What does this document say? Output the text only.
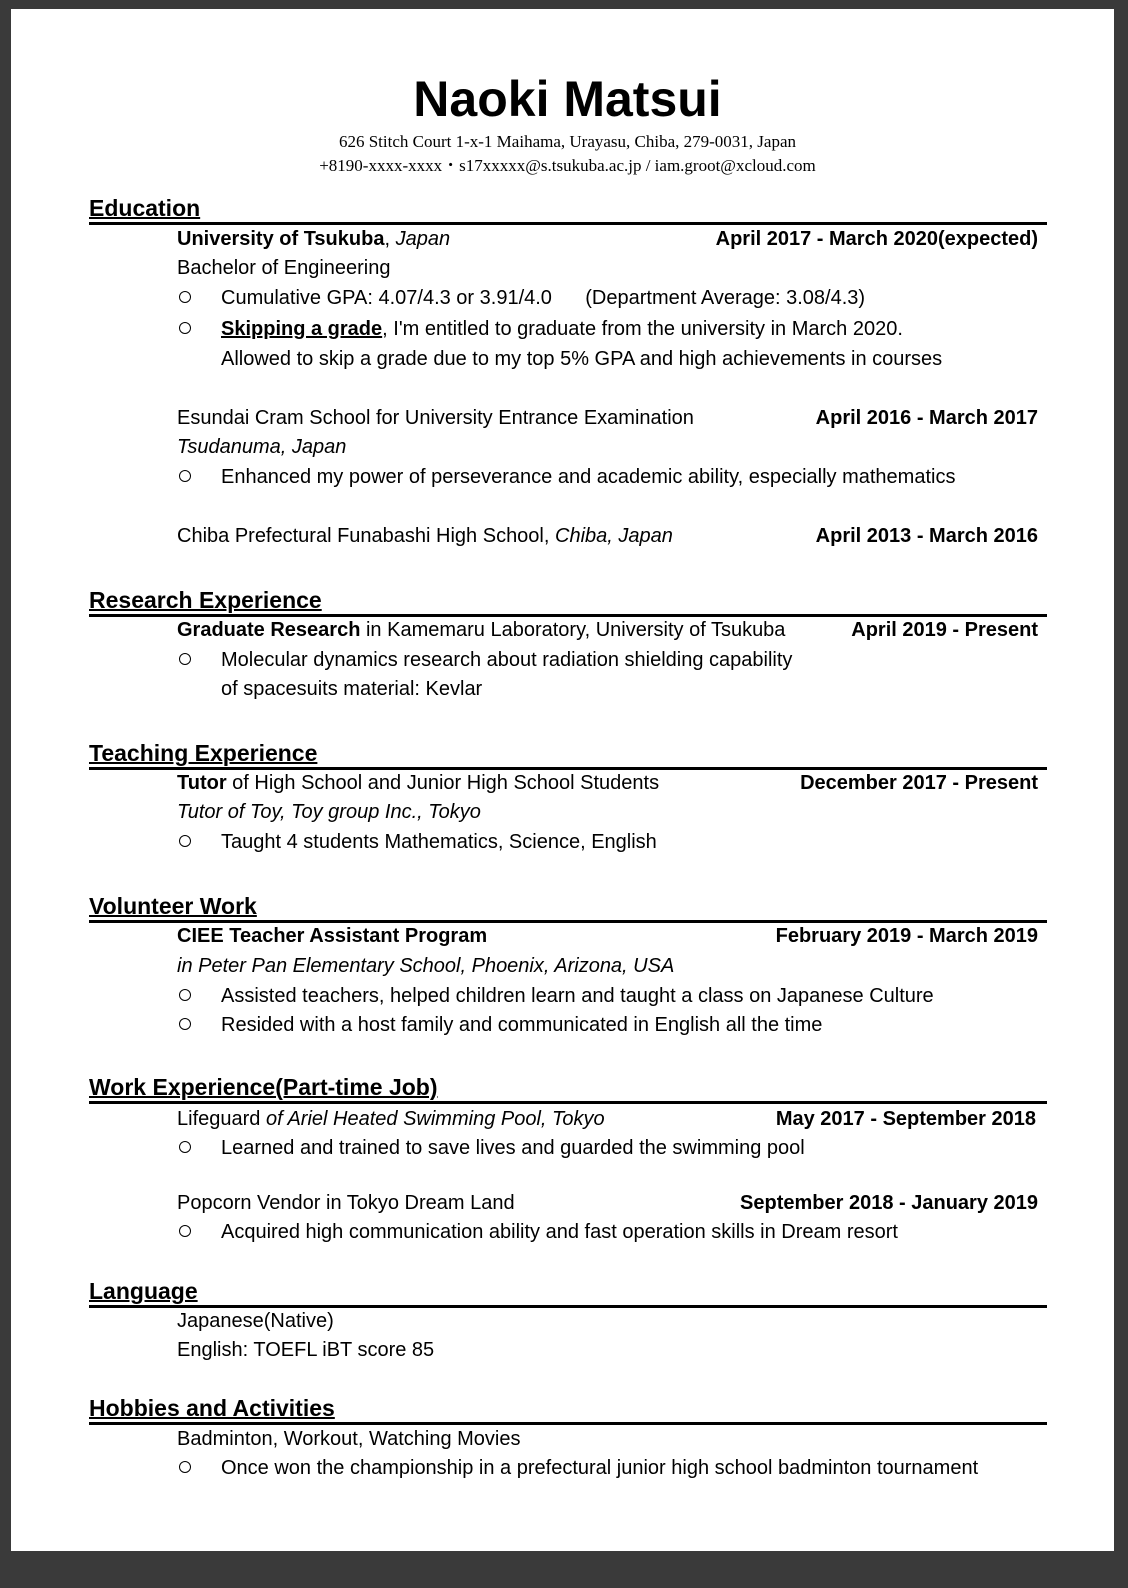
Naoki Matsui
626 Stitch Court 1-x-1 Maihama, Urayasu, Chiba, 279-0031, Japan
+8190-xxxx-xxxx・s17xxxxx@s.tsukuba.ac.jp / iam.groot@xcloud.com
Education
University of Tsukuba, Japan	April 2017 - March 2020(expected)
Bachelor of Engineering
Cumulative GPA: 4.07/4.3 or 3.91/4.0      (Department Average: 3.08/4.3)
Skipping a grade, I'm entitled to graduate from the university in March 2020.
Allowed to skip a grade due to my top 5% GPA and high achievements in courses
Esundai Cram School for University Entrance Examination	April 2016 - March 2017
Tsudanuma, Japan
Enhanced my power of perseverance and academic ability, especially mathematics
Chiba Prefectural Funabashi High School, Chiba, Japan	April 2013 - March 2016
Research Experience
Graduate Research in Kamemaru Laboratory, University of Tsukuba	April 2019 - Present
Molecular dynamics research about radiation shielding capability
of spacesuits material: Kevlar
Teaching Experience
Tutor of High School and Junior High School Students	December 2017 - Present
Tutor of Toy, Toy group Inc., Tokyo
Taught 4 students Mathematics, Science, English
Volunteer Work
CIEE Teacher Assistant Program	February 2019 - March 2019
in Peter Pan Elementary School, Phoenix, Arizona, USA
Assisted teachers, helped children learn and taught a class on Japanese Culture
Resided with a host family and communicated in English all the time
Work Experience(Part-time Job)
Lifeguard of Ariel Heated Swimming Pool, Tokyo	May 2017 - September 2018
Learned and trained to save lives and guarded the swimming pool
Popcorn Vendor in Tokyo Dream Land	September 2018 - January 2019
Acquired high communication ability and fast operation skills in Dream resort
Language
Japanese(Native)
English: TOEFL iBT score 85
Hobbies and Activities
Badminton, Workout, Watching Movies
Once won the championship in a prefectural junior high school badminton tournament
